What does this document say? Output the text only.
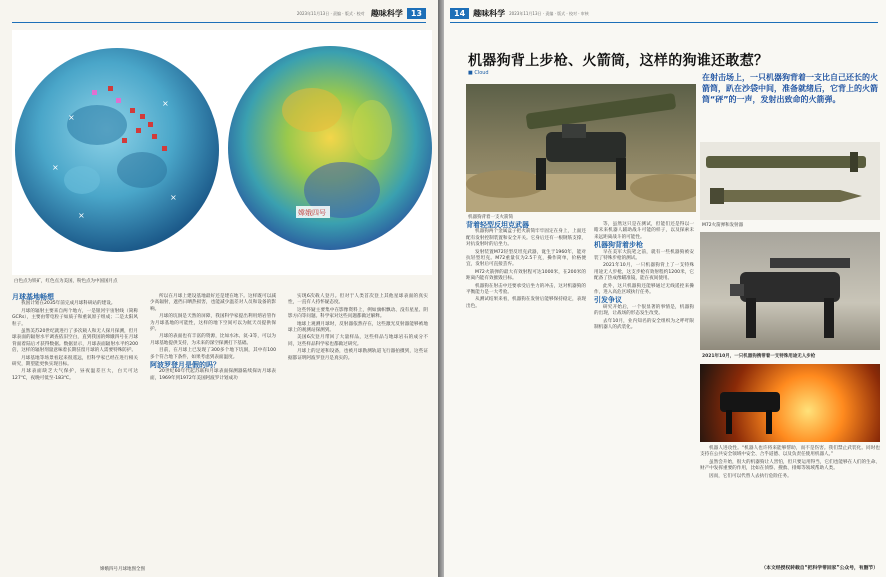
2023年11月13日 · 责编 · 版式 · 校对 趣味科学	13
×
×
×
×
×
嫦娥四号
白色点为铁矿，红色点为美国，粉色点为中国国月点

月球基地畅想

我国计划在2035年前完成月球科研站的建设。

月球的辐射主要来自两个地方，一是银河宇宙射线（简称GCRs），主要由带电粒子如质子和重氧原子组成；二是太阳风粒子。

虽然美苏20世纪就进行了多次载人和无人探月探测，但月球表面的辐射水平调查依旧空白，直到我国的嫦娥四号在月球背面着陆后才获得数据。数据显示，月球表面辐射水平约200倍，这样的辐射剂量意味着长期驻留月球的人需要特殊防护。

月球基地等场景看起来很遥远，但科学家已经在进行相关研究，期望能更快实现目标。

月球表面缺乏大气保护，昼夜温差巨大，白天可达127℃，夜晚可低至-183℃。

所以在月球上建设基地最好还是建在地下。这样既可以减少高辐射，遮挡日晒热损害，也能减少温差对人员和设备的影响。

月球的坑洞是天然的屏障，我国科学家提出利用熔岩管作为月球基地的可能性，这样的地下空间可以为航天员提供保护。

月球的表面也有丰富的资源，比如水冰、氦-3等，可以为月球基地提供支持，为未来的深空探测打下基础。

目前，在月球上已发现了300多个地下坑洞，其中有100多个符合地下条件，如果考虑到表面温度。

阿波罗登月是假的吗？

20世纪60年代起苏联和月球表面探测器陆续探访月球表面，1969年到1972年美国阿波罗计划成功

实现6次载人登月。但对于人类首次登上其他星球表面的真实性，一直有人持怀疑态度。

这些怀疑主要集中在影像资料上，例如旗帜飘动、没有星星、阴影方向等问题。科学家对这些问题都做过解释。

地球上观测月球时，反射器依然存在，这些激光反射器能够被地球上的观测站探测到。

美国6次登月带回了大量样品，这些样品与地球岩石的成分不同，这些样品科学家也都做过研究。

月球上的足迹和设备，也被月球勘测轨道飞行器拍摄到，这些证据都证明阿波罗登月是真实的。

嫦娥四号月球地图全图
14	趣味科学 2023年11月13日 · 责编 · 版式 · 校对 · 审核
机器狗背上步枪、火箭筒，这样的狗谁还敢惹？
■ Cloud	在射击场上，一只机器狗背着一支比自己还长的火箭筒，趴在沙袋中间，准备就绪后，它背上的火箭筒“砰”的一声，发射出致命的火箭弹。
机器狗背着一支火箭筒
M72火箭弹和发射器
2021年10月，一只机器狗携带着一支特殊用途无人步枪

背着轻型反坦克武器

机器狗两个金属盒子把火箭筒牢牢固定在身上，上面还配有发射控制装置和安全开关。它身后还有一根钢筋支撑，对抗发射时的后坐力。

发射装置M72轻型反坦克武器，诞生于1960年，能对抗轻型坦克。M72重量仅为2.5千克，操作简单，价格便宜，发射后可直接丢弃。

M72火箭弹的最大有效射程可达1000米，在200米的距离内能有效摧毁目标。

机器狗在射击中还要承受后坐力的冲击，这对机器狗的平衡能力是一大考验。

从测试结果来看，机器狗在发射后能够保持稳定，表现出色。

等，虽然这只是在测试，但能们还是得以一睹未来机器人辅助战斗可能的样子，以及探索未来远距离战斗的可能性。

机器狗背着步枪

早在美军大院笔之前，就有一些机器狗被安装了特殊步枪的测试。

2021年10月，一只机器狗背上了一支特殊用途无人步枪，这支步枪有效射程约1200米，它配备了热成像瞄准镜，能在夜间使用。

此外，这只机器狗还能够通过无线遥控来操作，进入高危区域执行任务。

引发争议

研究开始后，一个很显著的事情是，机器狗的出现，让战场的形态发生改变。

去年10月，业内知名的安全组织为之呼吁限制机器人的武装化。

机器人进攻性。“机器人也许将来能够帮助，而不是伤害。我们禁止武装化。同时也支持在公共安全领域中安全、合乎道德、以及负责任使用机器人。”

虽然会升始，很大的机器狗让人害怕，但只要运用得当，它们也能够在人们的生命、财产中发挥重要的作用，比如在侦察、搜救、排爆等领域帮助人类。

因而，它们可以代替人去执行危险任务。

（本文经授权转载自“把科学带回家”公众号，有删节）
